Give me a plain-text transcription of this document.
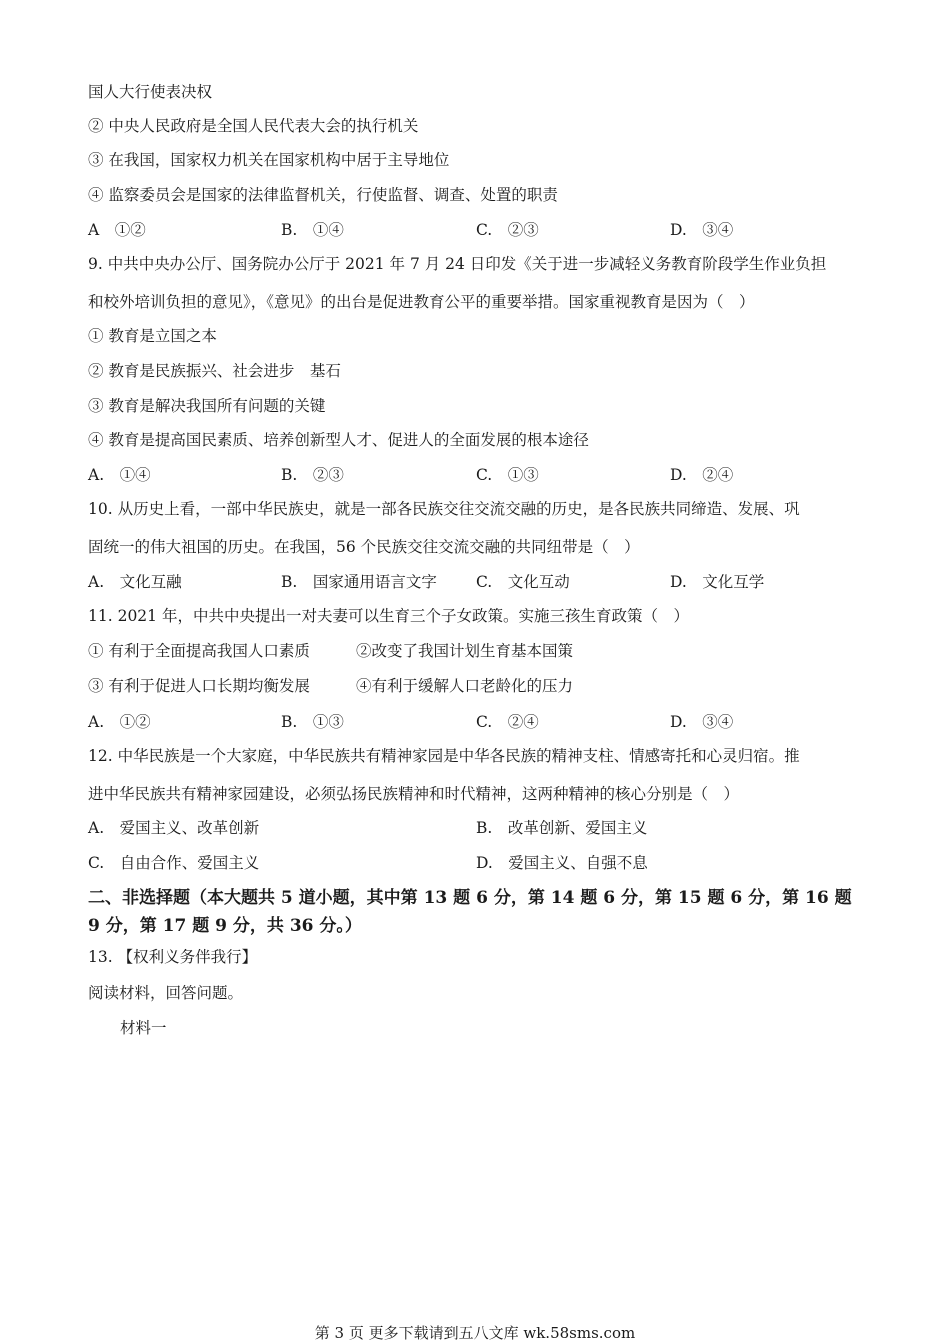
国人大行使表决权
② 中央人民政府是全国人民代表大会的执行机关
③ 在我国，国家权力机关在国家机构中居于主导地位
④ 监察委员会是国家的法律监督机关，行使监督、调查、处置的职责
A　①②	B.　①④	C.　②③	D.　③④
9. 中共中央办公厅、国务院办公厅于 2021 年 7 月 24 日印发《关于进一步减轻义务教育阶段学生作业负担
和校外培训负担的意见》，《意见》的出台是促进教育公平的重要举措。国家重视教育是因为（　）
① 教育是立国之本
② 教育是民族振兴、社会进步　基石
③ 教育是解决我国所有问题的关键
④ 教育是提高国民素质、培养创新型人才、促进人的全面发展的根本途径
A.　①④	B.　②③	C.　①③	D.　②④
10. 从历史上看，一部中华民族史，就是一部各民族交往交流交融的历史，是各民族共同缔造、发展、巩
固统一的伟大祖国的历史。在我国，56 个民族交往交流交融的共同纽带是（　）
A.　文化互融	B.　国家通用语言文字	C.　文化互动	D.　文化互学
11. 2021 年，中共中央提出一对夫妻可以生育三个子女政策。实施三孩生育政策（　）
① 有利于全面提高我国人口素质	②改变了我国计划生育基本国策
③ 有利于促进人口长期均衡发展	④有利于缓解人口老龄化的压力
A.　①②	B.　①③	C.　②④	D.　③④
12. 中华民族是一个大家庭，中华民族共有精神家园是中华各民族的精神支柱、情感寄托和心灵归宿。推
进中华民族共有精神家园建设，必须弘扬民族精神和时代精神，这两种精神的核心分别是（　）
A.　爱国主义、改革创新	B.　改革创新、爱国主义
C.　自由合作、爱国主义	D.　爱国主义、自强不息
二、非选择题（本大题共 5 道小题，其中第 13 题 6 分，第 14 题 6 分，第 15 题 6 分，第 16 题 9 分，第 17 题 9 分，共 36 分。）
13. 【权利义务伴我行】
阅读材料，回答问题。
材料一
第 3 页 更多下载请到五八文库 wk.58sms.com
